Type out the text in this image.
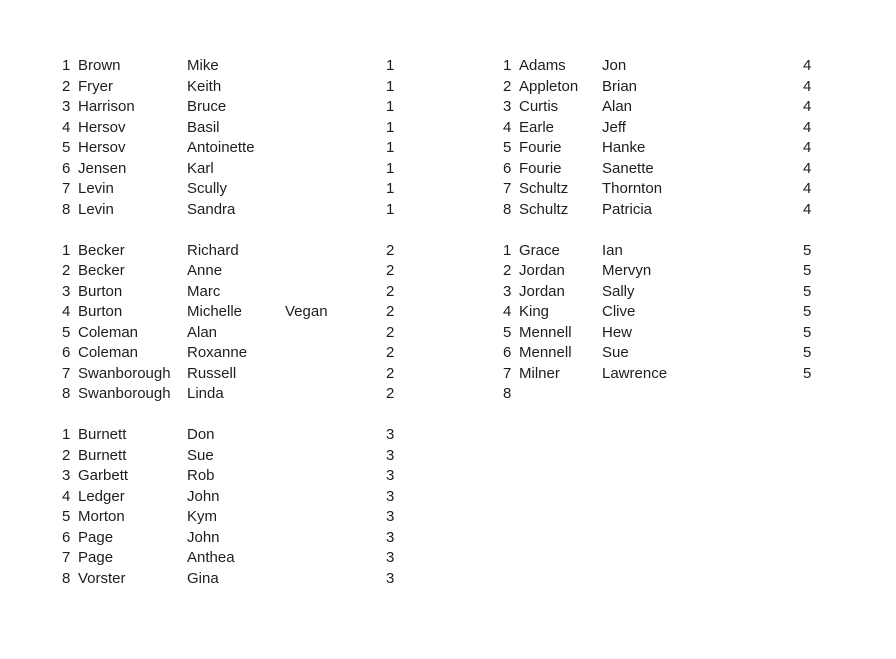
1 Brown	Mike	1
2 Fryer	Keith	1
3 Harrison	Bruce	1
4 Hersov	Basil	1
5 Hersov	Antoinette	1
6 Jensen	Karl	1
7 Levin	Scully	1
8 Levin	Sandra	1
1 Becker	Richard	2
2 Becker	Anne	2
3 Burton	Marc	2
4 Burton	Michelle	Vegan	2
5 Coleman	Alan	2
6 Coleman	Roxanne	2
7 Swanborough Russell	2
8 Swanborough Linda	2
1 Burnett	Don	3
2 Burnett	Sue	3
3 Garbett	Rob	3
4 Ledger	John	3
5 Morton	Kym	3
6 Page	John	3
7 Page	Anthea	3
8 Vorster	Gina	3
1 Adams Jon	4
2 Appleton Brian	4
3 Curtis	Alan	4
4 Earle	Jeff	4
5 Fourie	Hanke	4
6 Fourie	Sanette	4
7 Schultz Thornton	4
8 Schultz Patricia	4
1 Grace	Ian	5
2 Jordan Mervyn	5
3 Jordan Sally	5
4 King	Clive	5
5 Mennell Hew	5
6 Mennell Sue	5
7 Milner	Lawrence	5
8
